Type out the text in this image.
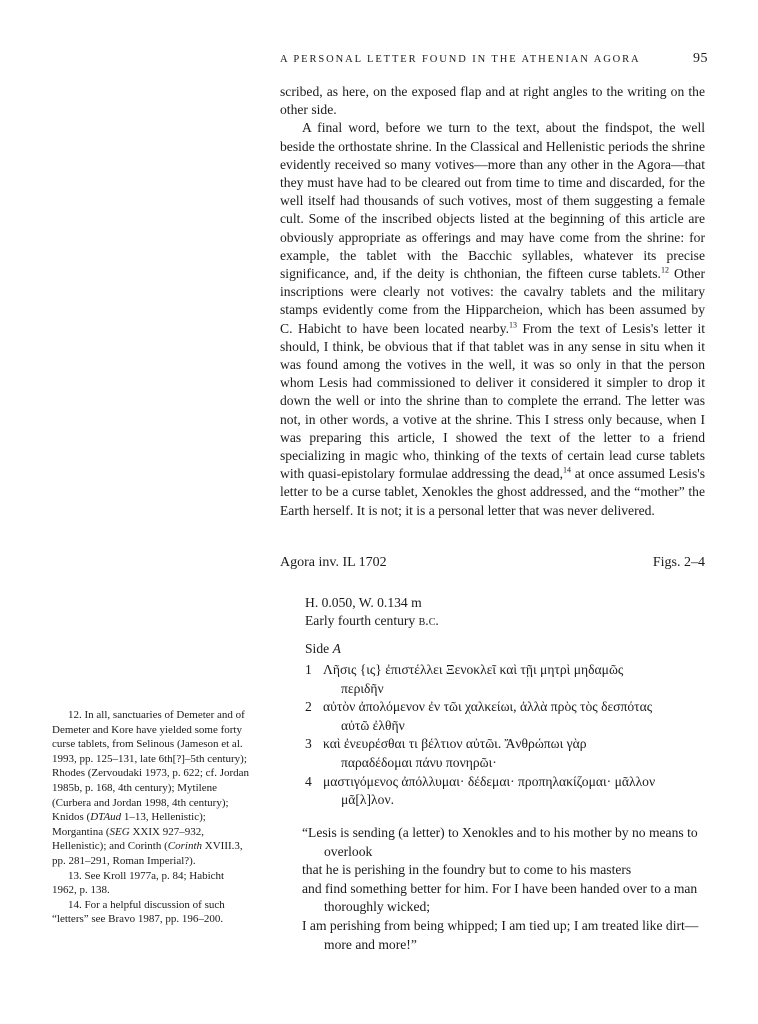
A PERSONAL LETTER FOUND IN THE ATHENIAN AGORA	95

scribed, as here, on the exposed flap and at right angles to the writing on the other side.

A final word, before we turn to the text, about the findspot, the well beside the orthostate shrine. In the Classical and Hellenistic periods the shrine evidently received so many votives—more than any other in the Agora—that they must have had to be cleared out from time to time and discarded, for the well itself had thousands of such votives, most of them suggesting a female cult. Some of the inscribed objects listed at the beginning of this article are obviously appropriate as offerings and may have come from the shrine: for example, the tablet with the Bacchic syllables, whatever its precise significance, and, if the deity is chthonian, the fifteen curse tablets.$^{12}$ Other inscriptions were clearly not votives: the cavalry tablets and the military stamps evidently come from the Hipparcheion, which has been assumed by C. Habicht to have been located nearby.$^{13}$ From the text of Lesis's letter it should, I think, be obvious that if that tablet was in any sense in situ when it was found among the votives in the well, it was so only in that the person whom Lesis had commissioned to deliver it considered it simpler to drop it down the well or into the shrine than to complete the errand. The letter was not, in other words, a votive at the shrine. This I stress only because, when I was preparing this article, I showed the text of the letter to a friend specializing in magic who, thinking of the texts of certain lead curse tablets with quasi-epistolary formulae addressing the dead,$^{14}$ at once assumed Lesis's letter to be a curse tablet, Xenokles the ghost addressed, and the “mother” the Earth herself. It is not; it is a personal letter that was never delivered.

Agora inv. IL 1702	Figs. 2–4
H. 0.050, W. 0.134 m
Early fourth century b.c.
Side A
1 Λῆσις {ις} ἐπιστέλλει Ξενοκλεῖ καὶ τῇι μητρὶ μηδαμῶς
περιδῆν
2 αὐτὸν ἀπολόμενον ἐν τῶι χαλκείωι, ἀλλὰ πρὸς τὸς δεσπότας
αὐτῶ ἐλθῆν
3 καὶ ἐνευρέσθαι τι βέλτιον αὐτῶι. Ἄνθρώπωι γὰρ
παραδέδομαι πάνυ πονηρῶι·
4 μαστιγόμενος ἀπόλλυμαι· δέδεμαι· προπηλακίζομαι· μᾶλλον
μᾶ[λ]λον.
“Lesis is sending (a letter) to Xenokles and to his mother by no means to overlook
that he is perishing in the foundry but to come to his masters
and find something better for him. For I have been handed over to a man thoroughly wicked;
I am perishing from being whipped; I am tied up; I am treated like dirt—more and more!”
12. In all, sanctuaries of Demeter and of Demeter and Kore have yielded some forty curse tablets, from Selinous (Jameson et al. 1993, pp. 125–131, late 6th[?]–5th century); Rhodes (Zervoudaki 1973, p. 622; cf. Jordan 1985b, p. 168, 4th century); Mytilene (Curbera and Jordan 1998, 4th century); Knidos (DTAud 1–13, Hellenistic); Morgantina (SEG XXIX 927–932, Hellenistic); and Corinth (Corinth XVIII.3, pp. 281–291, Roman Imperial?).
13. See Kroll 1977a, p. 84; Habicht 1962, p. 138.
14. For a helpful discussion of such “letters” see Bravo 1987, pp. 196–200.
